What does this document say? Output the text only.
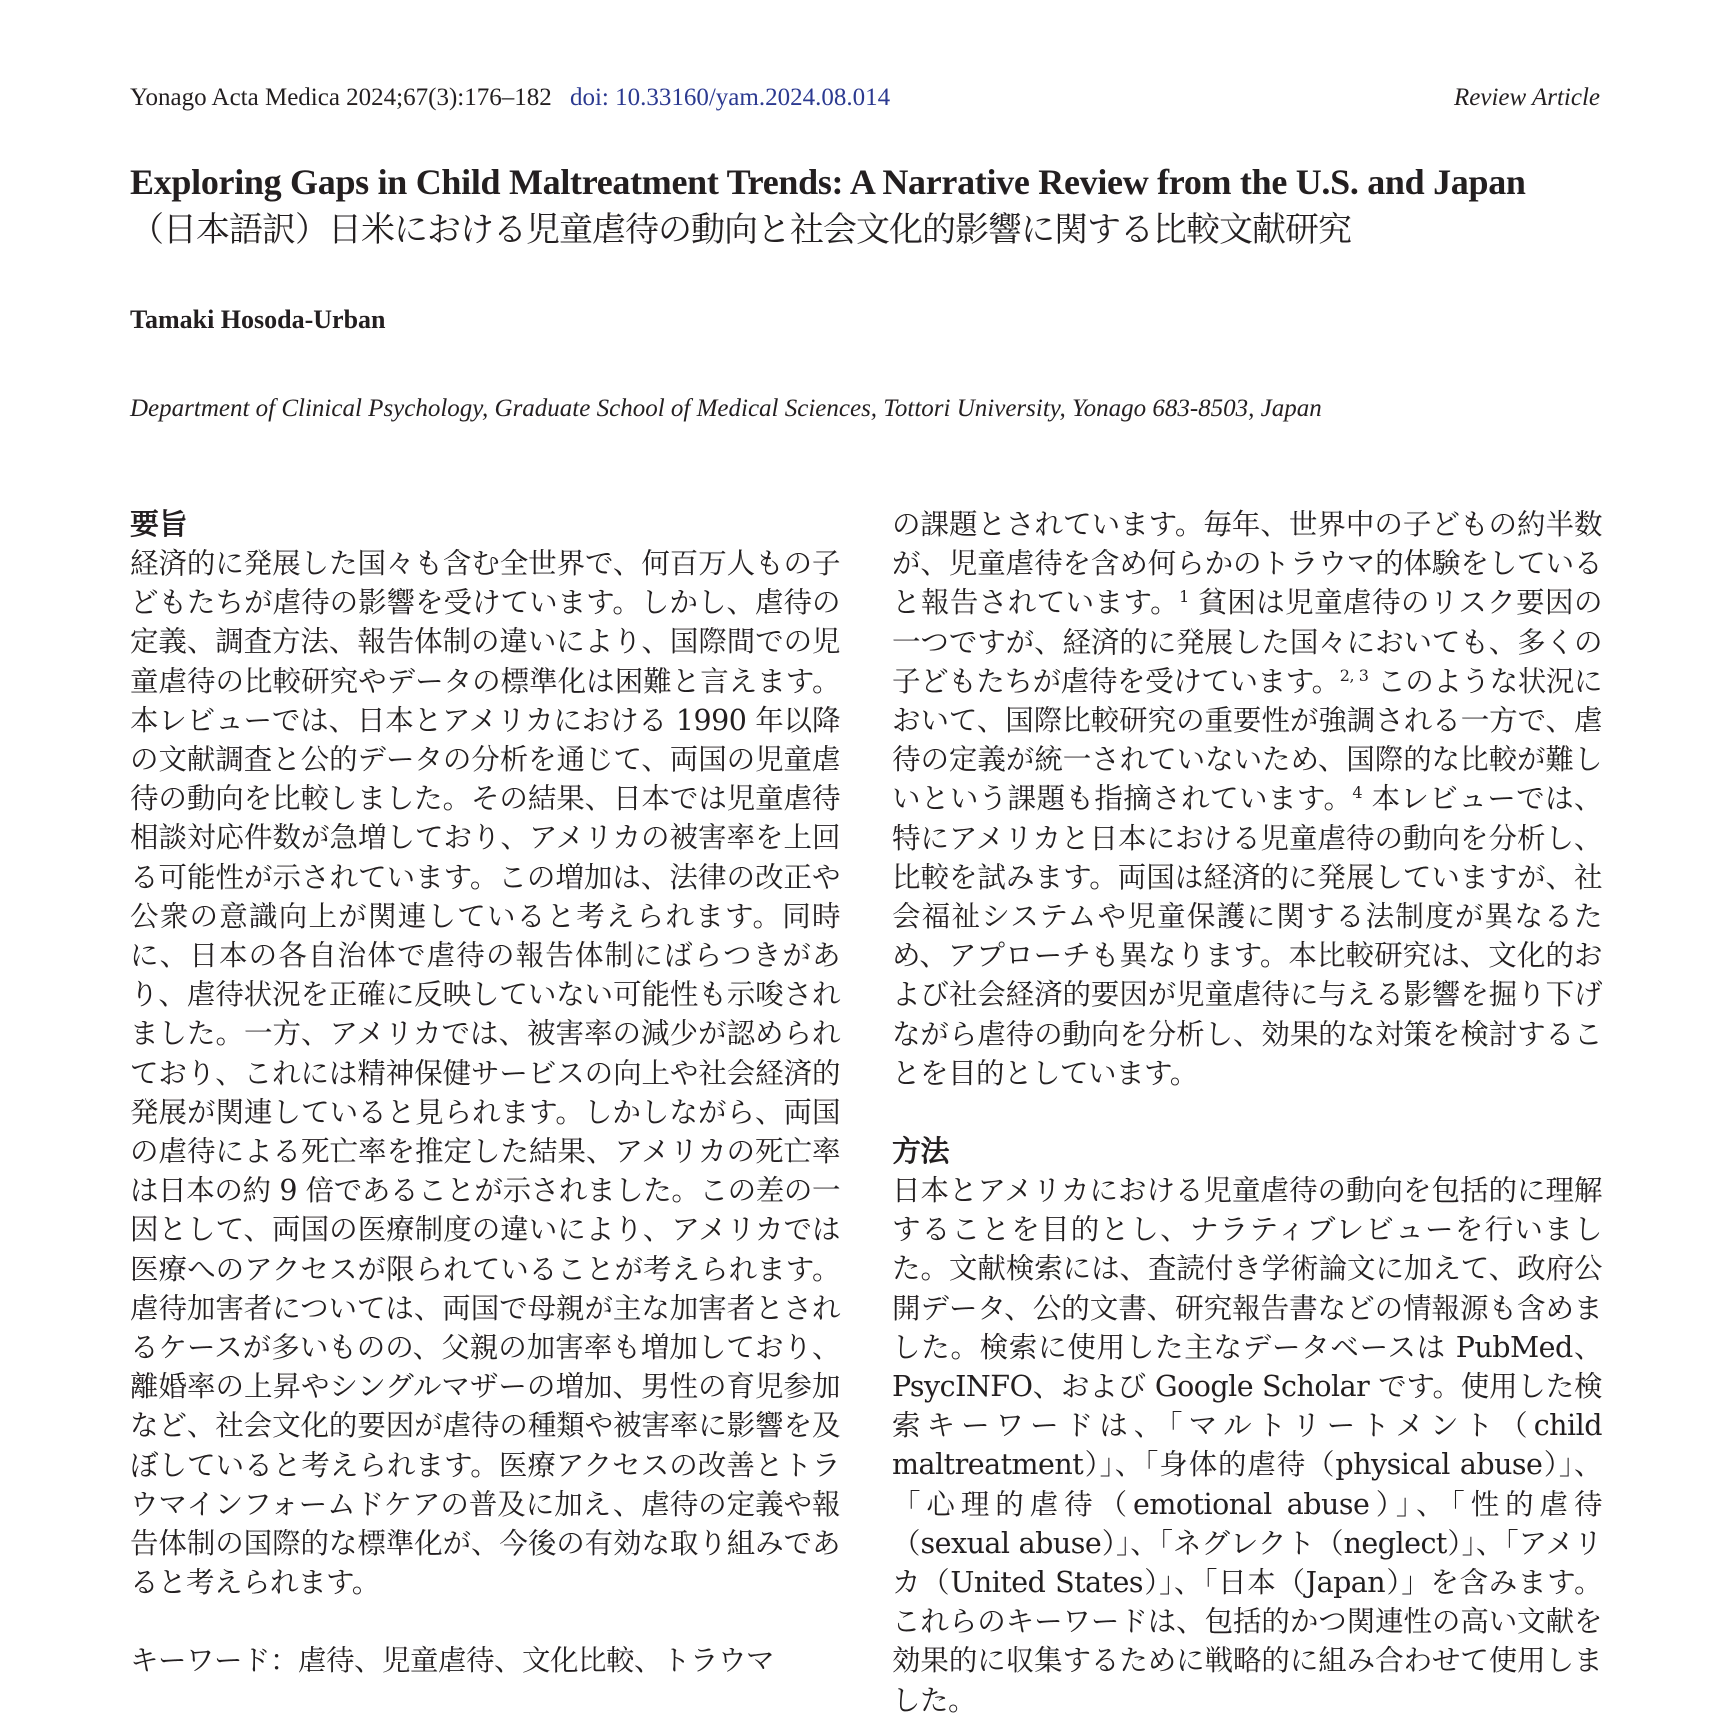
Yonago Acta Medica 2024;67(3):176–182 doi: 10.33160/yam.2024.08.014	Review Article
Exploring Gaps in Child Maltreatment Trends: A Narrative Review from the U.S. and Japan
（日本語訳）日米における児童虐待の動向と社会文化的影響に関する比較文献研究
Tamaki Hosoda-Urban
Department of Clinical Psychology, Graduate School of Medical Sciences, Tottori University, Yonago 683-8503, Japan
要旨

経済的に発展した国々も含む全世界で、何百万人もの子どもたちが虐待の影響を受けています。しかし、虐待の定義、調査方法、報告体制の違いにより、国際間での児童虐待の比較研究やデータの標準化は困難と言えます。本レビューでは、日本とアメリカにおける 1990 年以降の文献調査と公的データの分析を通じて、両国の児童虐待の動向を比較しました。その結果、日本では児童虐待相談対応件数が急増しており、アメリカの被害率を上回る可能性が示されています。この増加は、法律の改正や公衆の意識向上が関連していると考えられます。同時に、日本の各自治体で虐待の報告体制にばらつきがあり、虐待状況を正確に反映していない可能性も示唆されました。一方、アメリカでは、被害率の減少が認められており、これには精神保健サービスの向上や社会経済的発展が関連していると見られます。しかしながら、両国の虐待による死亡率を推定した結果、アメリカの死亡率は日本の約 9 倍であることが示されました。この差の一因として、両国の医療制度の違いにより、アメリカでは医療へのアクセスが限られていることが考えられます。虐待加害者については、両国で母親が主な加害者とされるケースが多いものの、父親の加害率も増加しており、離婚率の上昇やシングルマザーの増加、男性の育児参加など、社会文化的要因が虐待の種類や被害率に影響を及ぼしていると考えられます。医療アクセスの改善とトラウマインフォームドケアの普及に加え、虐待の定義や報告体制の国際的な標準化が、今後の有効な取り組みであると考えられます。

キーワード：虐待、児童虐待、文化比較、トラウマ

の課題とされています。毎年、世界中の子どもの約半数が、児童虐待を含め何らかのトラウマ的体験をしていると報告されています。$^1$ 貧困は児童虐待のリスク要因の一つですが、経済的に発展した国々においても、多くの子どもたちが虐待を受けています。$^{2, 3}$ このような状況において、国際比較研究の重要性が強調される一方で、虐待の定義が統一されていないため、国際的な比較が難しいという課題も指摘されています。$^4$ 本レビューでは、特にアメリカと日本における児童虐待の動向を分析し、比較を試みます。両国は経済的に発展していますが、社会福祉システムや児童保護に関する法制度が異なるため、アプローチも異なります。本比較研究は、文化的および社会経済的要因が児童虐待に与える影響を掘り下げながら虐待の動向を分析し、効果的な対策を検討することを目的としています。

方法

日本とアメリカにおける児童虐待の動向を包括的に理解することを目的とし、ナラティブレビューを行いました。文献検索には、査読付き学術論文に加えて、政府公開データ、公的文書、研究報告書などの情報源も含めました。検索に使用した主なデータベースは PubMed、PsycINFO、および Google Scholar です。使用した検索キーワードは、「マルトリートメント（child maltreatment）」、「身体的虐待（physical abuse）」、「心理的虐待（emotional abuse）」、「性的虐待（sexual abuse）」、「ネグレクト（neglect）」、「アメリカ（United States）」、「日本（Japan）」を含みます。これらのキーワードは、包括的かつ関連性の高い文献を効果的に収集するために戦略的に組み合わせて使用しました。
